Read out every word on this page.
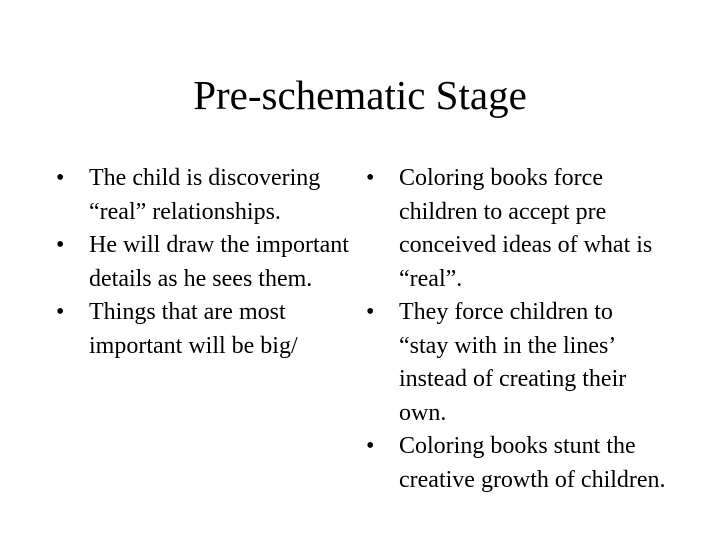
Pre-schematic Stage
•	The child is discovering “real” relationships.
•	He will draw the important details as he sees them.
•	Things that are most important will be big/
•	Coloring books force children to accept pre conceived ideas of what is “real”.
•	They force children to “stay with in the lines’ instead of creating their own.
•	Coloring books stunt the creative growth of children.
